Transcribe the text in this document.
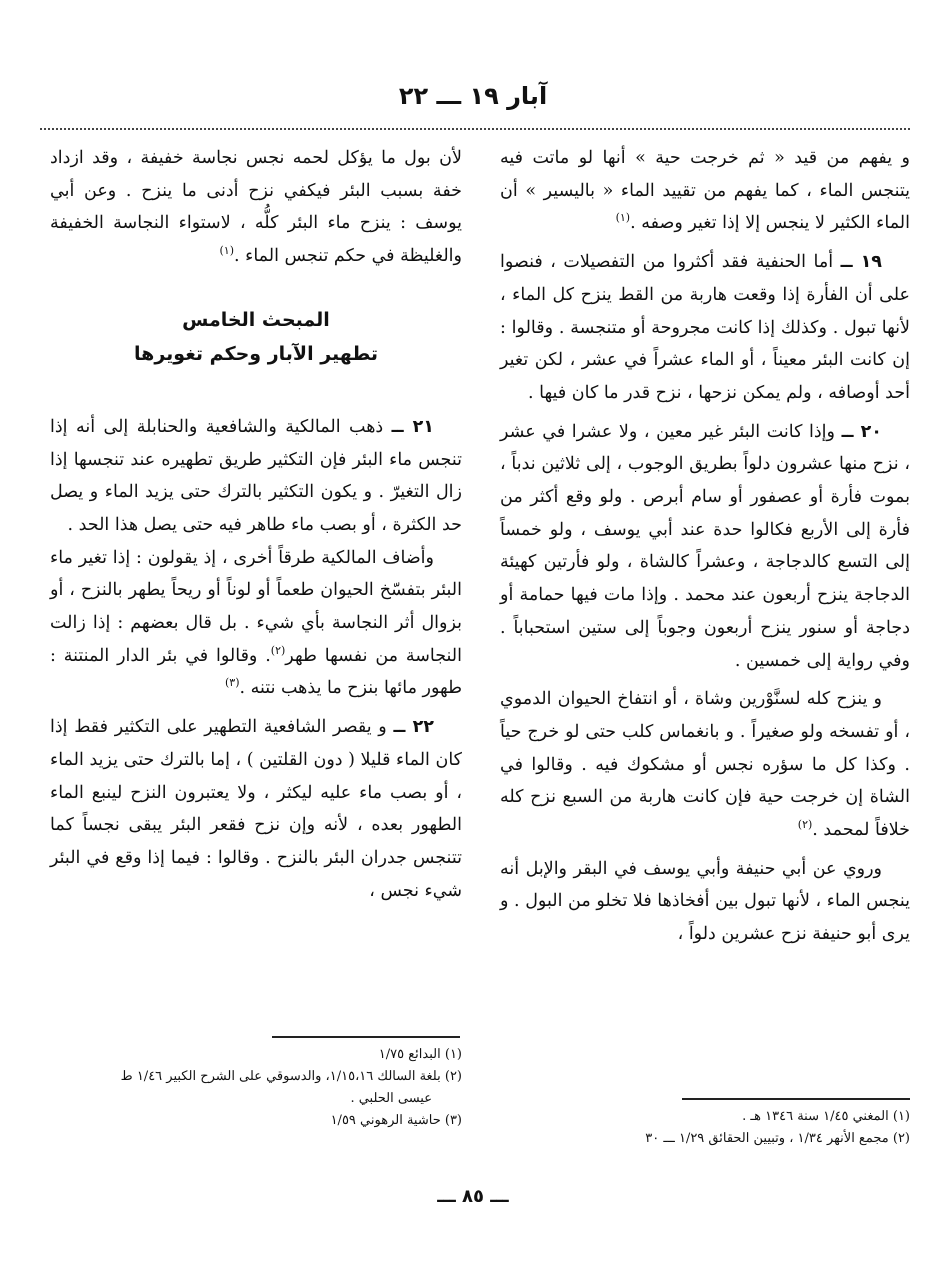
آبار ١٩ ـــ ٢٢

و يفهم من قيد « ثم خرجت حية » أنها لو ماتت فيه يتنجس الماء ، كما يفهم من تقييد الماء « باليسير » أن الماء الكثير لا ينجس إلا إذا تغير وصفه .$^{(١)}$

١٩ ــ أما الحنفية فقد أكثروا من التفصيلات ، فنصوا على أن الفأرة إذا وقعت هاربة من القط ينزح كل الماء ، لأنها تبول . وكذلك إذا كانت مجروحة أو متنجسة . وقالوا : إن كانت البئر معيناً ، أو الماء عشراً في عشر ، لكن تغير أحد أوصافه ، ولم يمكن نزحها ، نزح قدر ما كان فيها .

٢٠ ــ وإذا كانت البئر غير معين ، ولا عشرا في عشر ، نزح منها عشرون دلواً بطريق الوجوب ، إلى ثلاثين ندباً ، بموت فأرة أو عصفور أو سام أبرص . ولو وقع أكثر من فأرة إلى الأربع فكالوا حدة عند أبي يوسف ، ولو خمساً إلى التسع كالدجاجة ، وعشراً كالشاة ، ولو فأرتين كهيئة الدجاجة ينزح أربعون عند محمد . وإذا مات فيها حمامة أو دجاجة أو سنور ينزح أربعون وجوباً إلى ستين استحباباً . وفي رواية إلى خمسين .

و ينزح كله لسنَّوْرين وشاة ، أو انتفاخ الحيوان الدموي ، أو تفسخه ولو صغيراً . و بانغماس كلب حتى لو خرج حياً . وكذا كل ما سؤره نجس أو مشكوك فيه . وقالوا في الشاة إن خرجت حية فإن كانت هاربة من السبع نزح كله خلافاً لمحمد .$^{(٢)}$

وروي عن أبي حنيفة وأبي يوسف في البقر والإبل أنه ينجس الماء ، لأنها تبول بين أفخاذها فلا تخلو من البول . و يرى أبو حنيفة نزح عشرين دلواً ،

(١) المغني ١/٤٥ سنة ١٣٤٦ هـ .

(٢) مجمع الأنهر ١/٣٤ ، وتبيين الحقائق ١/٢٩ ـــ ٣٠

لأن بول ما يؤكل لحمه نجس نجاسة خفيفة ، وقد ازداد خفة بسبب البئر فيكفي نزح أدنى ما ينزح . وعن أبي يوسف : ينزح ماء البئر كلُّه ، لاستواء النجاسة الخفيفة والغليظة في حكم تنجس الماء .$^{(١)}$

المبحث الخامس
تطهير الآبار وحكم تغويرها

٢١ ــ ذهب المالكية والشافعية والحنابلة إلى أنه إذا تنجس ماء البئر فإن التكثير طريق تطهيره عند تنجسها إذا زال التغيرّ . و يكون التكثير بالترك حتى يزيد الماء و يصل حد الكثرة ، أو بصب ماء طاهر فيه حتى يصل هذا الحد .

وأضاف المالكية طرقاً أخرى ، إذ يقولون : إذا تغير ماء البئر بتفسّخ الحيوان طعماً أو لوناً أو ريحاً يطهر بالنزح ، أو بزوال أثر النجاسة بأي شيء . بل قال بعضهم : إذا زالت النجاسة من نفسها طهر$^{(٢)}$. وقالوا في بئر الدار المنتنة : طهور مائها بنزح ما يذهب نتنه .$^{(٣)}$

٢٢ ــ و يقصر الشافعية التطهير على التكثير فقط إذا كان الماء قليلا ( دون القلتين ) ، إما بالترك حتى يزيد الماء ، أو بصب ماء عليه ليكثر ، ولا يعتبرون النزح لينبع الماء الطهور بعده ، لأنه وإن نزح فقعر البئر يبقى نجساً كما تتنجس جدران البئر بالنزح . وقالوا : فيما إذا وقع في البئر شيء نجس ،

(١) البدائع ١/٧٥

(٢) بلغة السالك ١/١٥،١٦، والدسوقي على الشرح الكبير ١/٤٦ ط

عيسى الحلبي .

(٣) حاشية الرهوني ١/٥٩

ـــ ٨٥ ـــ
